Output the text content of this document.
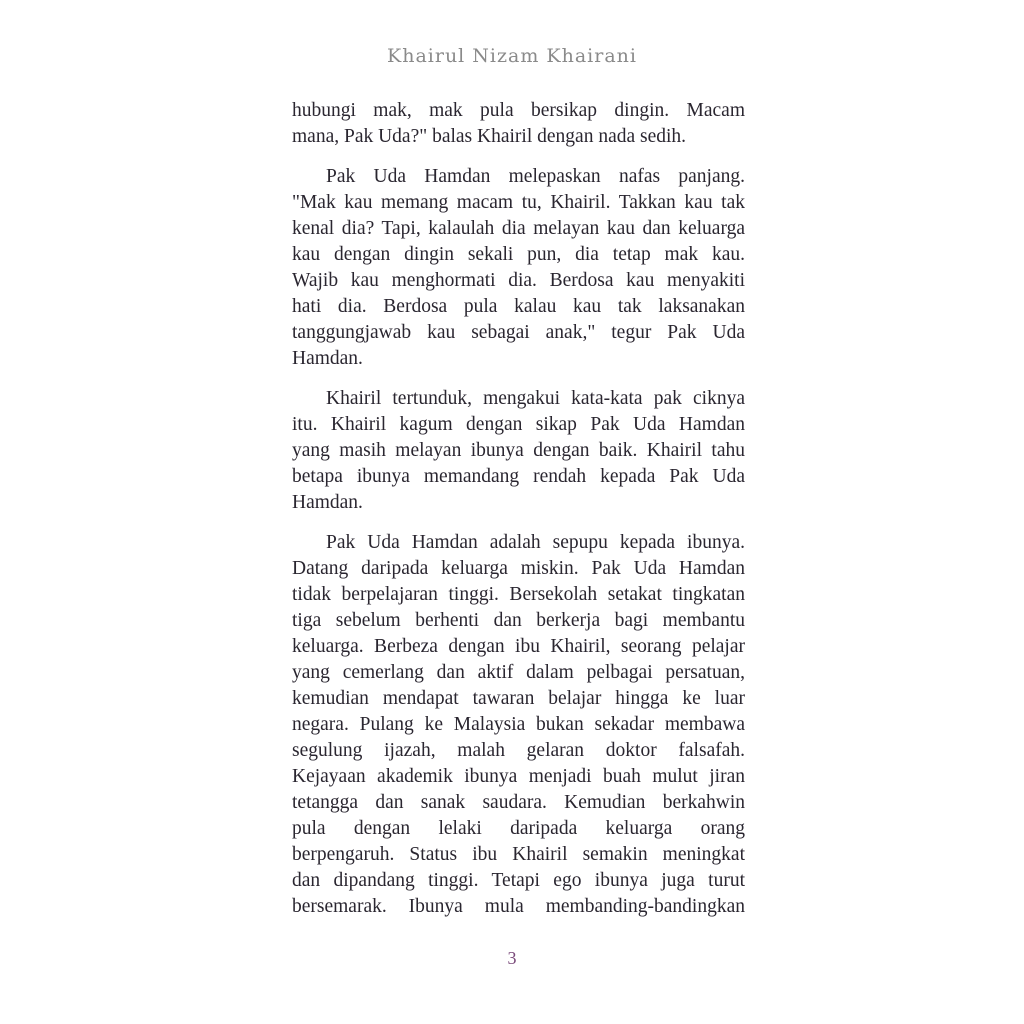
Khairul Nizam Khairani

hubungi mak, mak pula bersikap dingin. Macam
mana, Pak Uda?" balas Khairil dengan nada sedih.

Pak Uda Hamdan melepaskan nafas panjang.
"Mak kau memang macam tu, Khairil. Takkan kau tak
kenal dia? Tapi, kalaulah dia melayan kau dan keluarga
kau dengan dingin sekali pun, dia tetap mak kau.
Wajib kau menghormati dia. Berdosa kau menyakiti
hati dia. Berdosa pula kalau kau tak laksanakan
tanggungjawab kau sebagai anak," tegur Pak Uda
Hamdan.

Khairil tertunduk, mengakui kata-kata pak ciknya
itu. Khairil kagum dengan sikap Pak Uda Hamdan
yang masih melayan ibunya dengan baik. Khairil tahu
betapa ibunya memandang rendah kepada Pak Uda
Hamdan.

Pak Uda Hamdan adalah sepupu kepada ibunya.
Datang daripada keluarga miskin. Pak Uda Hamdan
tidak berpelajaran tinggi. Bersekolah setakat tingkatan
tiga sebelum berhenti dan berkerja bagi membantu
keluarga. Berbeza dengan ibu Khairil, seorang pelajar
yang cemerlang dan aktif dalam pelbagai persatuan,
kemudian mendapat tawaran belajar hingga ke luar
negara. Pulang ke Malaysia bukan sekadar membawa
segulung ijazah, malah gelaran doktor falsafah.
Kejayaan akademik ibunya menjadi buah mulut jiran
tetangga dan sanak saudara. Kemudian berkahwin
pula dengan lelaki daripada keluarga orang
berpengaruh. Status ibu Khairil semakin meningkat
dan dipandang tinggi. Tetapi ego ibunya juga turut
bersemarak. Ibunya mula membanding-bandingkan

3
